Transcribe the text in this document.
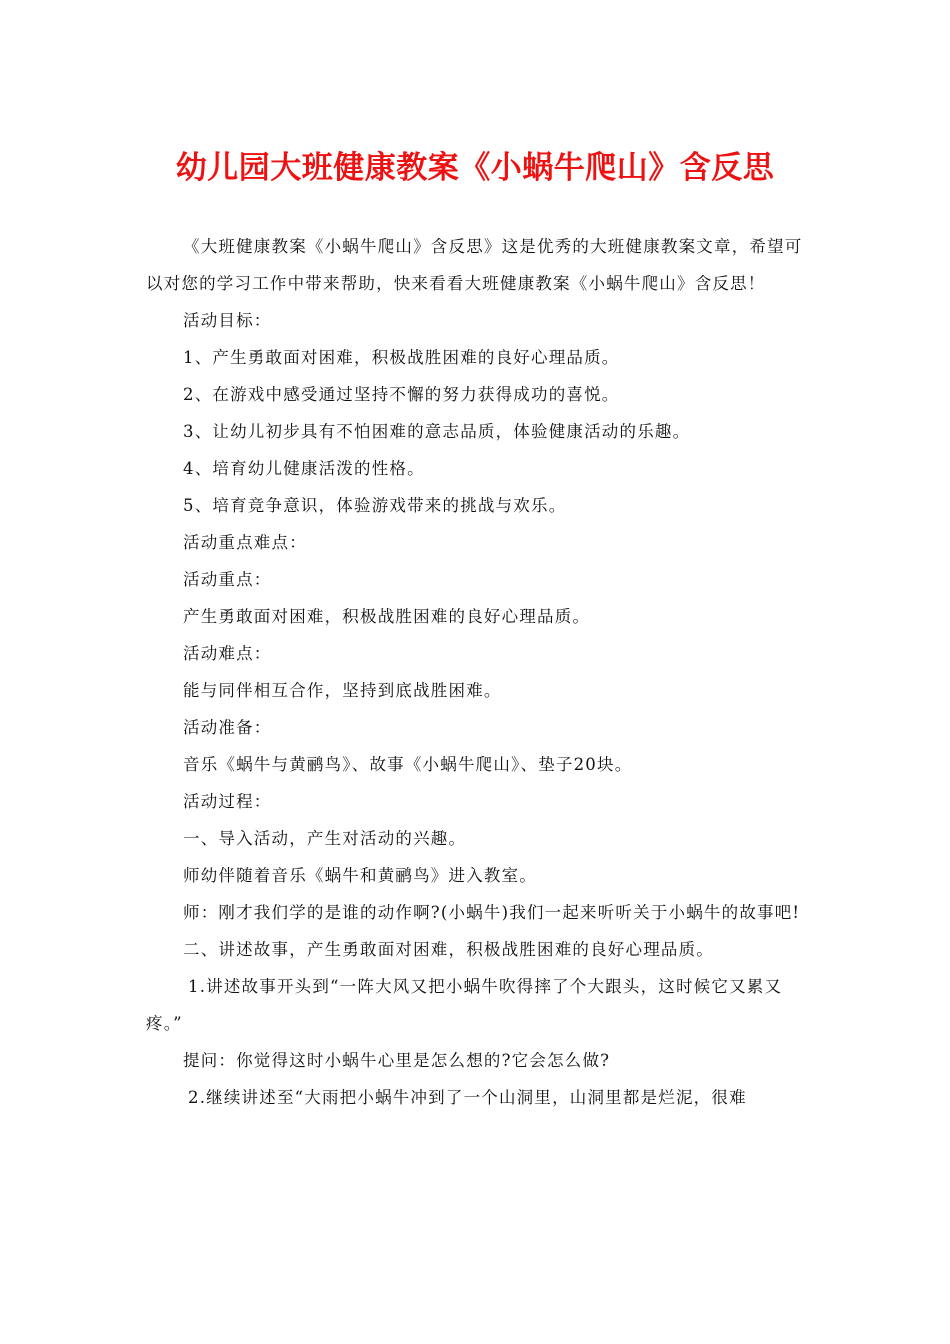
幼儿园大班健康教案《小蜗牛爬山》含反思

《大班健康教案《小蜗牛爬山》含反思》这是优秀的大班健康教案文章，希望可以对您的学习工作中带来帮助，快来看看大班健康教案《小蜗牛爬山》含反思！

活动目标：

1、产生勇敢面对困难，积极战胜困难的良好心理品质。

2、在游戏中感受通过坚持不懈的努力获得成功的喜悦。

3、让幼儿初步具有不怕困难的意志品质，体验健康活动的乐趣。

4、培育幼儿健康活泼的性格。

5、培育竞争意识，体验游戏带来的挑战与欢乐。

活动重点难点：

活动重点：

产生勇敢面对困难，积极战胜困难的良好心理品质。

活动难点：

能与同伴相互合作，坚持到底战胜困难。

活动准备：

音乐《蜗牛与黄鹂鸟》、故事《小蜗牛爬山》、垫子20块。

活动过程：

一、导入活动，产生对活动的兴趣。

师幼伴随着音乐《蜗牛和黄鹂鸟》进入教室。

师：刚才我们学的是谁的动作啊?(小蜗牛)我们一起来听听关于小蜗牛的故事吧!

二、讲述故事，产生勇敢面对困难，积极战胜困难的良好心理品质。

1.讲述故事开头到“一阵大风又把小蜗牛吹得摔了个大跟头，这时候它又累又疼。”

提问：你觉得这时小蜗牛心里是怎么想的?它会怎么做?

2.继续讲述至“大雨把小蜗牛冲到了一个山洞里，山洞里都是烂泥，很难
